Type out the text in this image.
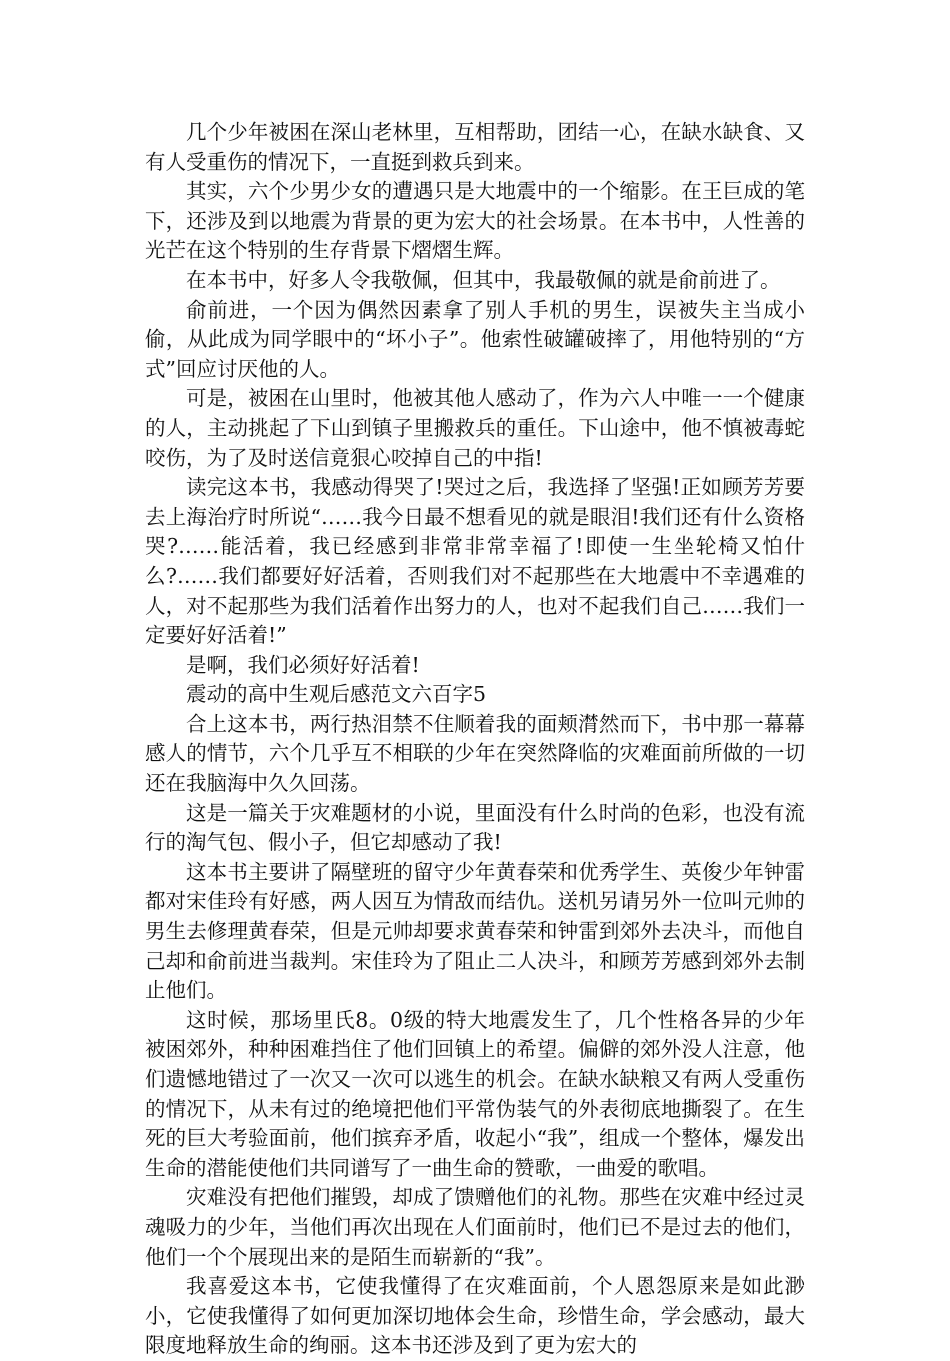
几个少年被困在深山老林里，互相帮助，团结一心，在缺水缺食、又有人受重伤的情况下，一直挺到救兵到来。

其实，六个少男少女的遭遇只是大地震中的一个缩影。在王巨成的笔下，还涉及到以地震为背景的更为宏大的社会场景。在本书中，人性善的光芒在这个特别的生存背景下熠熠生辉。

在本书中，好多人令我敬佩，但其中，我最敬佩的就是俞前进了。

俞前进，一个因为偶然因素拿了别人手机的男生，误被失主当成小偷，从此成为同学眼中的“坏小子”。他索性破罐破摔了，用他特别的“方式”回应讨厌他的人。

可是，被困在山里时，他被其他人感动了，作为六人中唯一一个健康的人，主动挑起了下山到镇子里搬救兵的重任。下山途中，他不慎被毒蛇咬伤，为了及时送信竟狠心咬掉自己的中指!

读完这本书，我感动得哭了!哭过之后，我选择了坚强!正如顾芳芳要去上海治疗时所说“……我今日最不想看见的就是眼泪!我们还有什么资格哭?……能活着，我已经感到非常非常幸福了!即使一生坐轮椅又怕什么?……我们都要好好活着，否则我们对不起那些在大地震中不幸遇难的人，对不起那些为我们活着作出努力的人，也对不起我们自己……我们一定要好好活着!”

是啊，我们必须好好活着!

震动的高中生观后感范文六百字5

合上这本书，两行热泪禁不住顺着我的面颊潸然而下，书中那一幕幕感人的情节，六个几乎互不相联的少年在突然降临的灾难面前所做的一切还在我脑海中久久回荡。

这是一篇关于灾难题材的小说，里面没有什么时尚的色彩，也没有流行的淘气包、假小子，但它却感动了我!

这本书主要讲了隔壁班的留守少年黄春荣和优秀学生、英俊少年钟雷都对宋佳玲有好感，两人因互为情敌而结仇。送机另请另外一位叫元帅的男生去修理黄春荣，但是元帅却要求黄春荣和钟雷到郊外去决斗，而他自己却和俞前进当裁判。宋佳玲为了阻止二人决斗，和顾芳芳感到郊外去制止他们。

这时候，那场里氏8。0级的特大地震发生了，几个性格各异的少年被困郊外，种种困难挡住了他们回镇上的希望。偏僻的郊外没人注意，他们遗憾地错过了一次又一次可以逃生的机会。在缺水缺粮又有两人受重伤的情况下，从未有过的绝境把他们平常伪装气的外表彻底地撕裂了。在生死的巨大考验面前，他们摈弃矛盾，收起小“我”，组成一个整体，爆发出生命的潜能使他们共同谱写了一曲生命的赞歌，一曲爱的歌唱。

灾难没有把他们摧毁，却成了馈赠他们的礼物。那些在灾难中经过灵魂吸力的少年，当他们再次出现在人们面前时，他们已不是过去的他们，他们一个个展现出来的是陌生而崭新的“我”。

我喜爱这本书，它使我懂得了在灾难面前，个人恩怨原来是如此渺小，它使我懂得了如何更加深切地体会生命，珍惜生命，学会感动，最大限度地释放生命的绚丽。这本书还涉及到了更为宏大的
